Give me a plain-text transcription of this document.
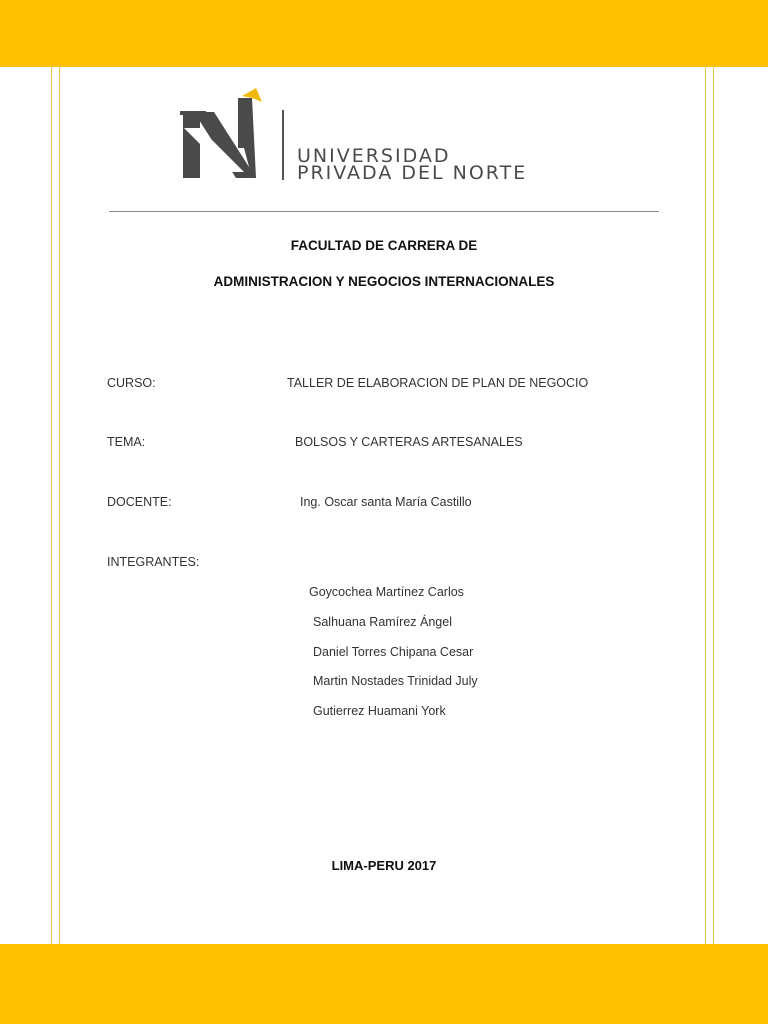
UNIVERSIDAD
PRIVADA DEL NORTE
FACULTAD DE CARRERA DE
ADMINISTRACION Y NEGOCIOS INTERNACIONALES
CURSO:	TALLER DE ELABORACION DE PLAN DE NEGOCIO
TEMA:	BOLSOS Y CARTERAS ARTESANALES
DOCENTE:	Ing. Oscar santa María Castillo
INTEGRANTES:
Goycochea Martínez Carlos
Salhuana Ramírez Ángel
Daniel Torres Chipana Cesar
Martin Nostades Trinidad July
Gutierrez Huamani York
LIMA-PERU 2017
